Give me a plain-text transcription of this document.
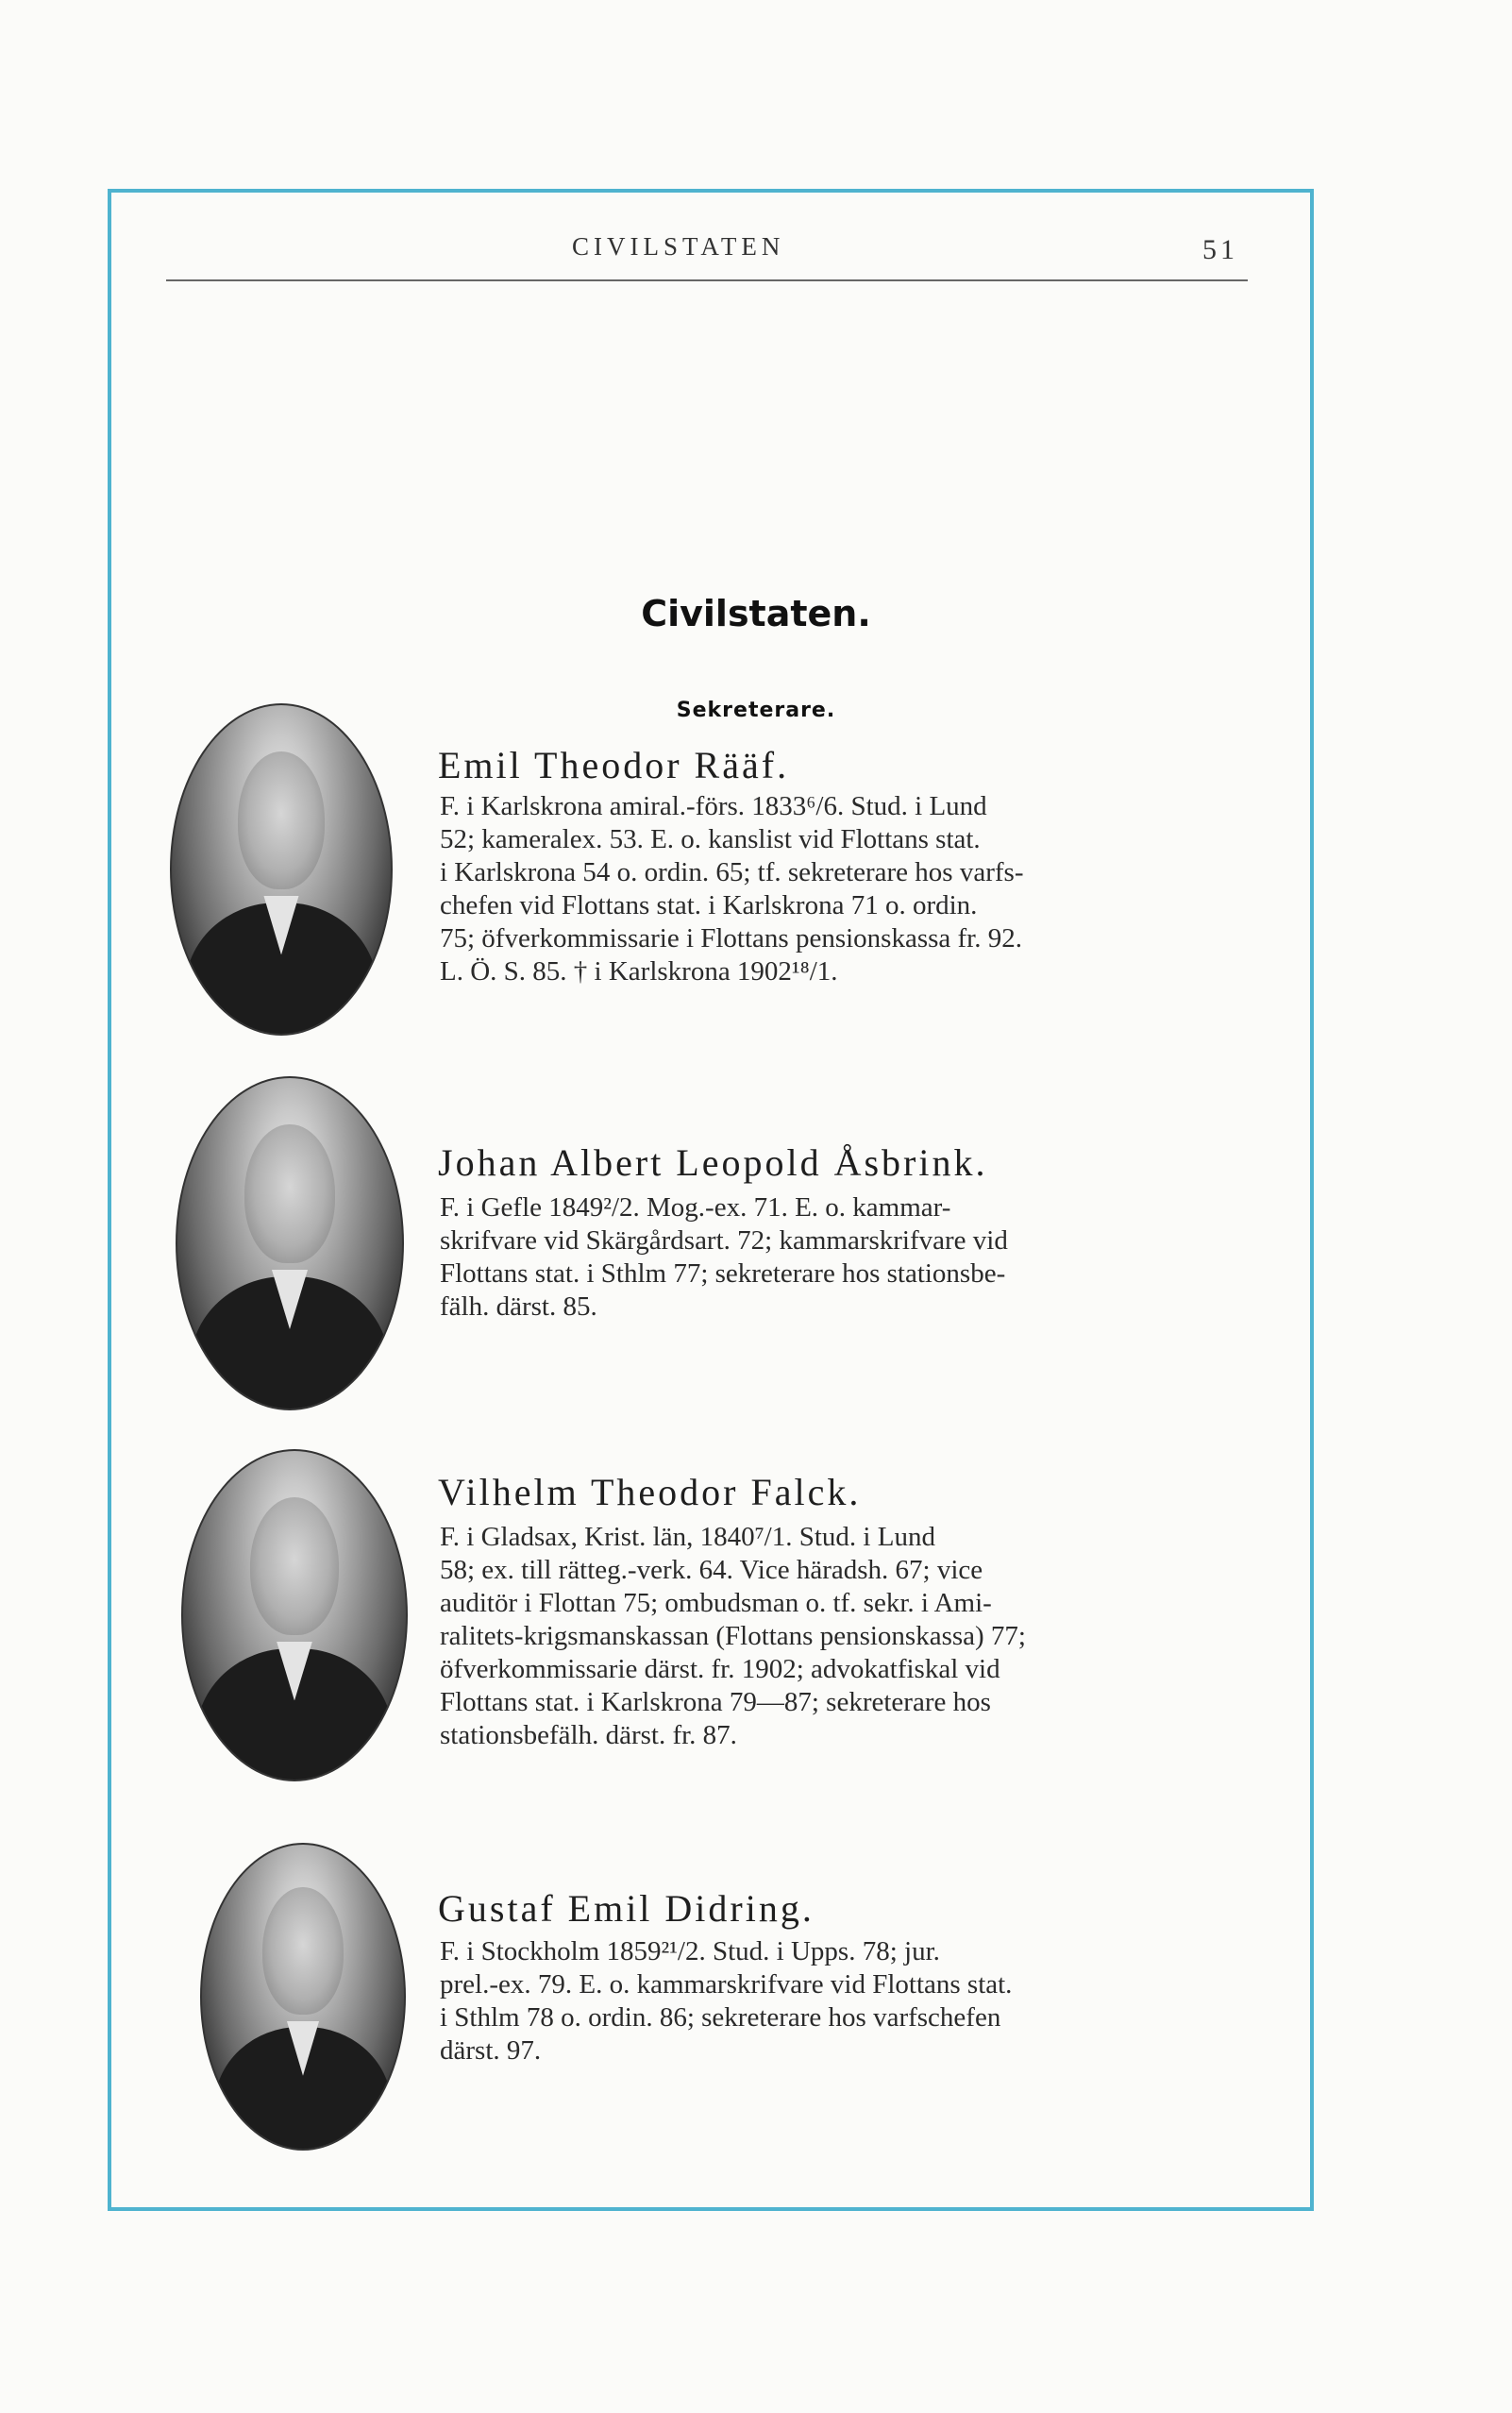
CIVILSTATEN	51
Civilstaten.
Sekreterare.
Emil Theodor Rääf.
F. i Karlskrona amiral.-förs. 1833⁶/6. Stud. i Lund
52; kameralex. 53. E. o. kanslist vid Flottans stat.
i Karlskrona 54 o. ordin. 65; tf. sekreterare hos varfs-
chefen vid Flottans stat. i Karlskrona 71 o. ordin.
75; öfverkommissarie i Flottans pensionskassa fr. 92.
L. Ö. S. 85. † i Karlskrona 1902¹⁸/1.
Johan Albert Leopold Åsbrink.
F. i Gefle 1849²/2. Mog.-ex. 71. E. o. kammar-
skrifvare vid Skärgårdsart. 72; kammarskrifvare vid
Flottans stat. i Sthlm 77; sekreterare hos stationsbe-
fälh. därst. 85.
Vilhelm Theodor Falck.
F. i Gladsax, Krist. län, 1840⁷/1. Stud. i Lund
58; ex. till rätteg.-verk. 64. Vice häradsh. 67; vice
auditör i Flottan 75; ombudsman o. tf. sekr. i Ami-
ralitets-krigsmanskassan (Flottans pensionskassa) 77;
öfverkommissarie därst. fr. 1902; advokatfiskal vid
Flottans stat. i Karlskrona 79—87; sekreterare hos
stationsbefälh. därst. fr. 87.
Gustaf Emil Didring.
F. i Stockholm 1859²¹/2. Stud. i Upps. 78; jur.
prel.-ex. 79. E. o. kammarskrifvare vid Flottans stat.
i Sthlm 78 o. ordin. 86; sekreterare hos varfschefen
därst. 97.
